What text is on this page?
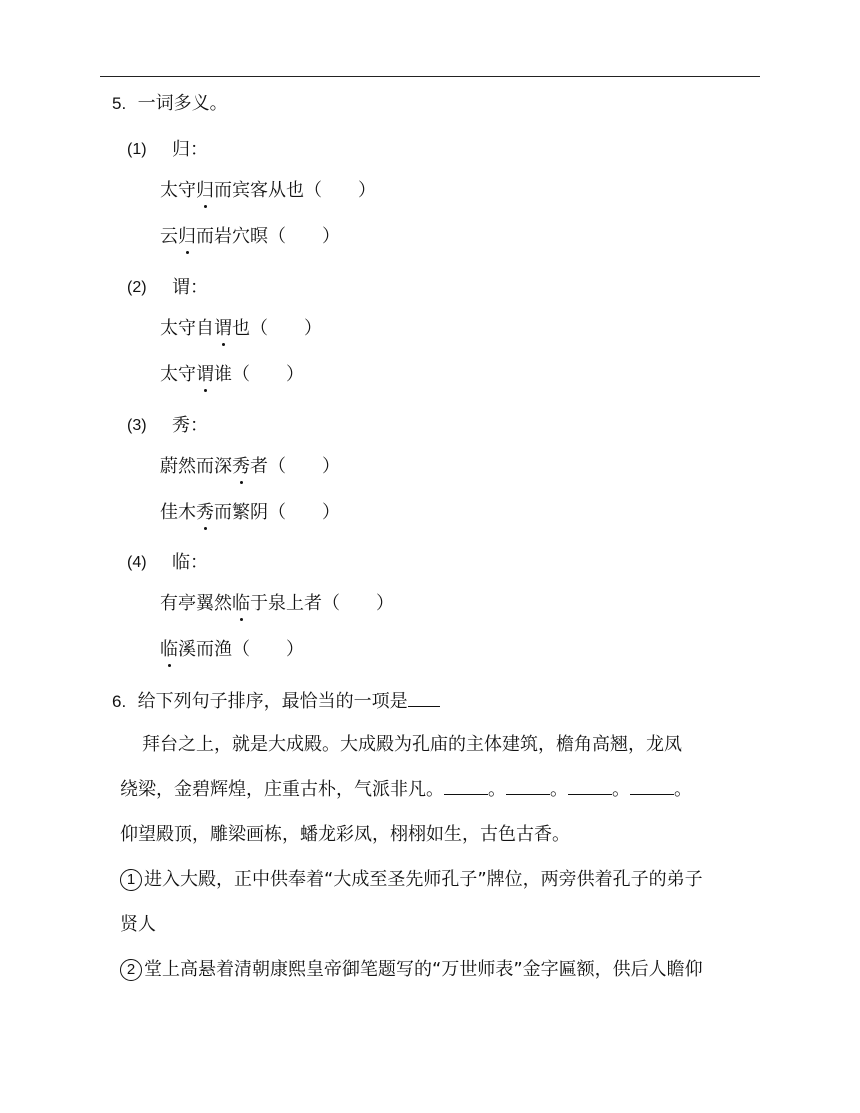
5. 一词多义。
(1) 归：
太守归而宾客从也（　　）
云归而岩穴暝（　　）
(2) 谓：
太守自谓也（　　）
太守谓谁（　　）
(3) 秀：
蔚然而深秀者（　　）
佳木秀而繁阴（　　）
(4) 临：
有亭翼然临于泉上者（　　）
临溪而渔（　　）
6. 给下列句子排序，最恰当的一项是
拜台之上，就是大成殿。大成殿为孔庙的主体建筑，檐角高翘，龙凤
绕梁，金碧辉煌，庄重古朴，气派非凡。 。 。 。 。
仰望殿顶，雕梁画栋，蟠龙彩凤，栩栩如生，古色古香。
1 进入大殿，正中供奉着“大成至圣先师孔子”牌位，两旁供着孔子的弟子
贤人
2 堂上高悬着清朝康熙皇帝御笔题写的“万世师表”金字匾额，供后人瞻仰
